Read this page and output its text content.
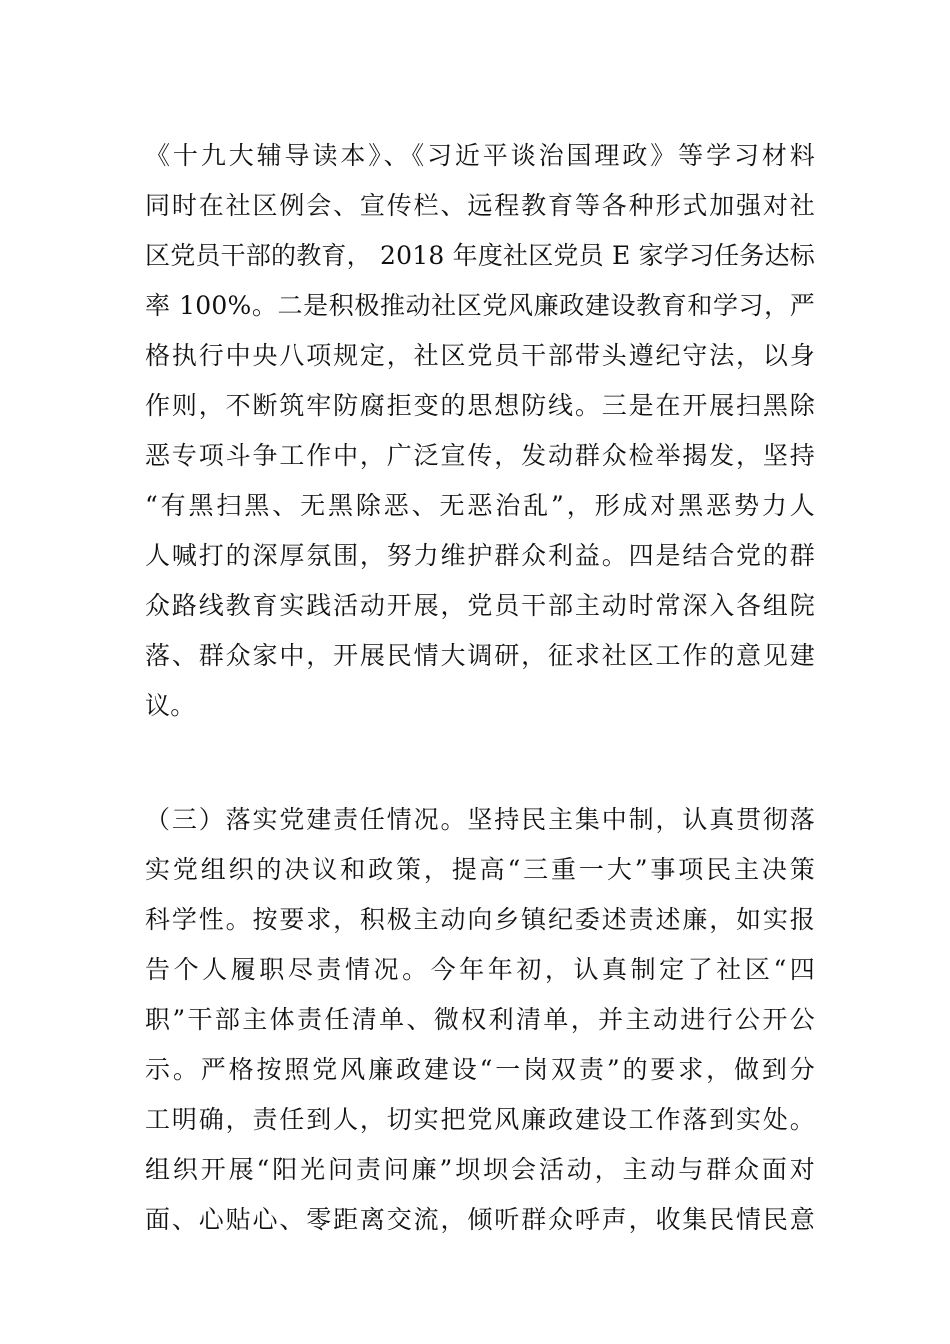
《十九大辅导读本》、《习近平谈治国理政》等学习材料
同时在社区例会、宣传栏、远程教育等各种形式加强对社
区党员干部的教育， 2018 年度社区党员 E 家学习任务达标
率 100%。二是积极推动社区党风廉政建设教育和学习，严
格执行中央八项规定，社区党员干部带头遵纪守法，以身
作则，不断筑牢防腐拒变的思想防线。三是在开展扫黑除
恶专项斗争工作中，广泛宣传，发动群众检举揭发，坚持
“有黑扫黑、无黑除恶、无恶治乱”，形成对黑恶势力人
人喊打的深厚氛围，努力维护群众利益。四是结合党的群
众路线教育实践活动开展，党员干部主动时常深入各组院
落、群众家中，开展民情大调研，征求社区工作的意见建
议。
（三）落实党建责任情况。坚持民主集中制，认真贯彻落
实党组织的决议和政策，提高“三重一大”事项民主决策
科学性。按要求，积极主动向乡镇纪委述责述廉，如实报
告个人履职尽责情况。今年年初，认真制定了社区“四
职”干部主体责任清单、微权利清单，并主动进行公开公
示。严格按照党风廉政建设“一岗双责”的要求，做到分
工明确，责任到人，切实把党风廉政建设工作落到实处。
组织开展“阳光问责问廉”坝坝会活动，主动与群众面对
面、心贴心、零距离交流，倾听群众呼声，收集民情民意
